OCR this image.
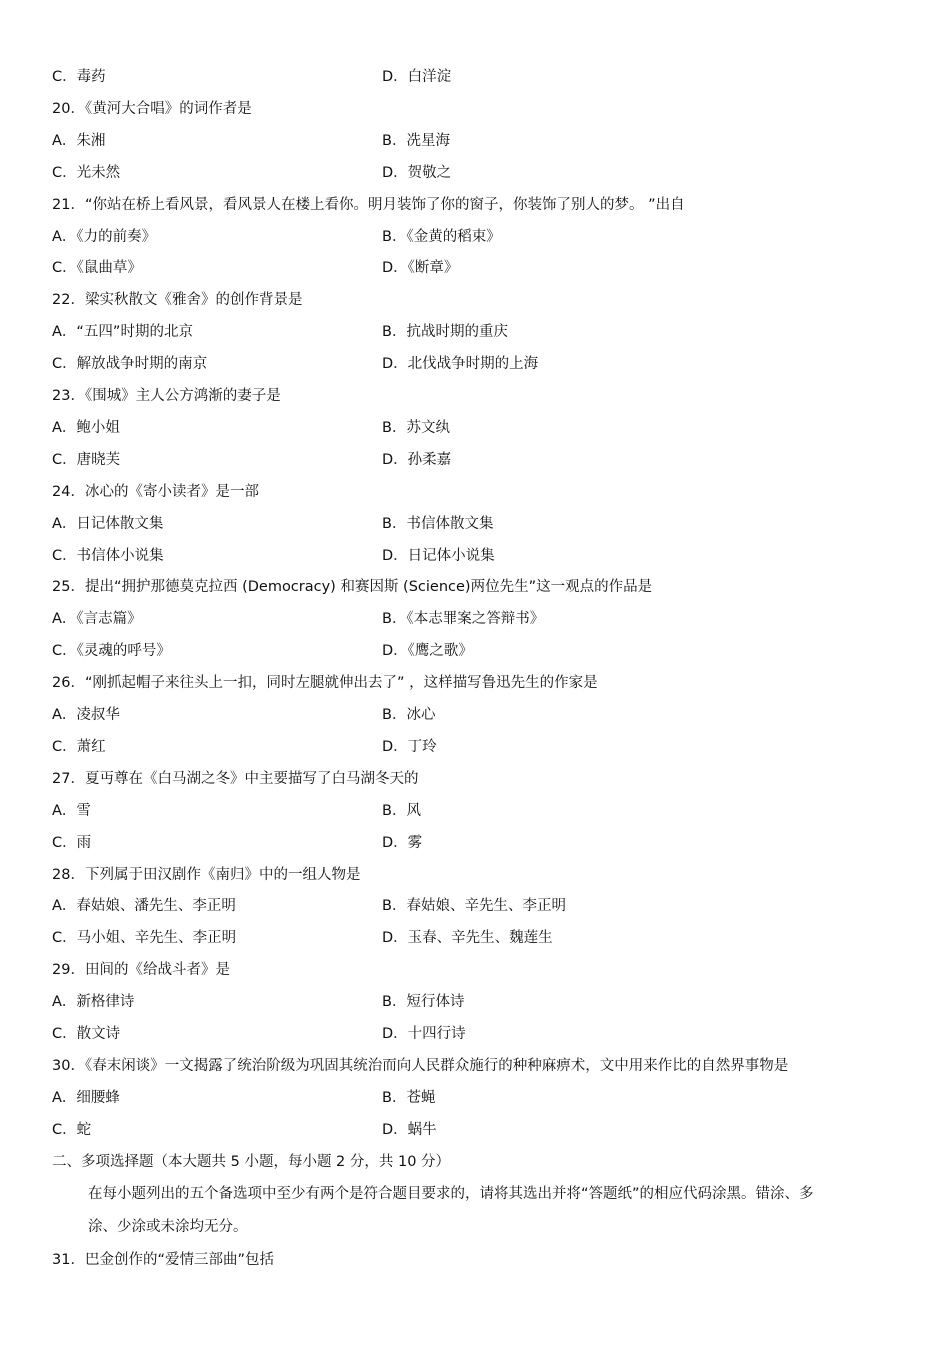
C．毒药	D．白洋淀
20．《黄河大合唱》的词作者是
A．朱湘	B．冼星海
C．光未然	D．贺敬之
21．“你站在桥上看风景，看风景人在楼上看你。明月装饰了你的窗子，你装饰了别人的梦。 ”出自
A．《力的前奏》	B．《金黄的稻束》
C．《鼠曲草》	D．《断章》
22．梁实秋散文《雅舍》的创作背景是
A．“五四”时期的北京	B．抗战时期的重庆
C．解放战争时期的南京	D．北伐战争时期的上海
23．《围城》主人公方鸿渐的妻子是
A．鲍小姐	B．苏文纨
C．唐晓芙	D．孙柔嘉
24．冰心的《寄小读者》是一部
A．日记体散文集	B．书信体散文集
C．书信体小说集	D．日记体小说集
25．提出“拥护那德莫克拉西 (Democracy) 和赛因斯 (Science)两位先生”这一观点的作品是
A．《言志篇》	B．《本志罪案之答辩书》
C．《灵魂的呼号》	D．《鹰之歌》
26．“刚抓起帽子来往头上一扣，同时左腿就伸出去了” ，这样描写鲁迅先生的作家是
A．凌叔华	B．冰心
C．萧红	D．丁玲
27．夏丏尊在《白马湖之冬》中主要描写了白马湖冬天的
A．雪	B．风
C．雨	D．雾
28．下列属于田汉剧作《南归》中的一组人物是
A．春姑娘、潘先生、李正明	B．春姑娘、辛先生、李正明
C．马小姐、辛先生、李正明	D．玉春、辛先生、魏莲生
29．田间的《给战斗者》是
A．新格律诗	B．短行体诗
C．散文诗	D．十四行诗
30．《春末闲谈》一文揭露了统治阶级为巩固其统治而向人民群众施行的种种麻痹术，文中用来作比的自然界事物是
A．细腰蜂	B．苍蝇
C．蛇	D．蜗牛
二、多项选择题（本大题共 5 小题，每小题 2 分，共 10 分）
在每小题列出的五个备选项中至少有两个是符合题目要求的，请将其选出并将“答题纸”的相应代码涂黑。错涂、多涂、少涂或未涂均无分。
31．巴金创作的“爱情三部曲”包括
